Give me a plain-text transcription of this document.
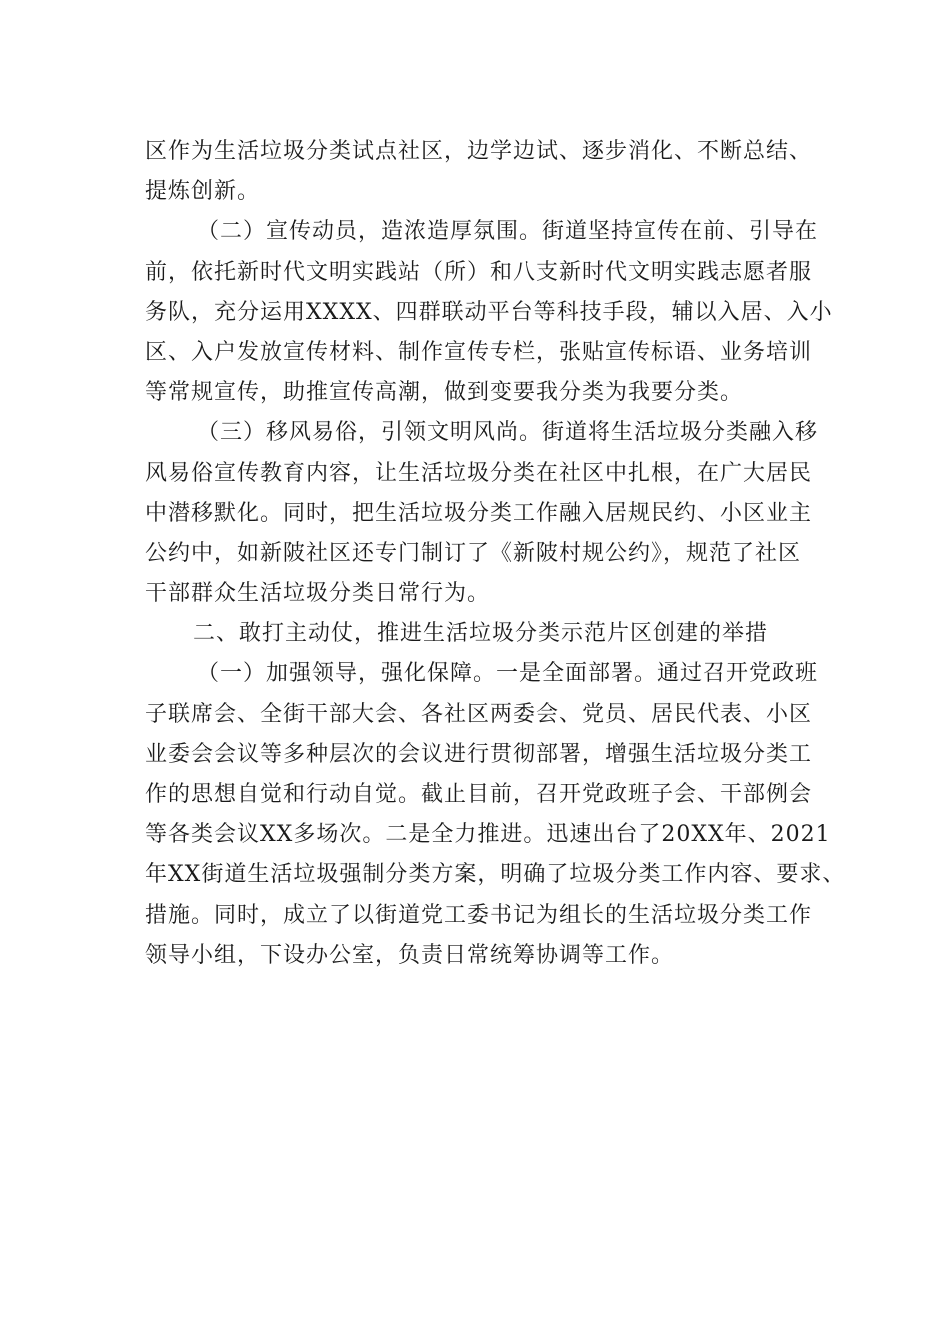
区作为生活垃圾分类试点社区，边学边试、逐步消化、不断总结、
提炼创新。
（二）宣传动员，造浓造厚氛围。街道坚持宣传在前、引导在
前，依托新时代文明实践站（所）和八支新时代文明实践志愿者服
务队，充分运用XXXX、四群联动平台等科技手段，辅以入居、入小
区、入户发放宣传材料、制作宣传专栏，张贴宣传标语、业务培训
等常规宣传，助推宣传高潮，做到变要我分类为我要分类。
（三）移风易俗，引领文明风尚。街道将生活垃圾分类融入移
风易俗宣传教育内容，让生活垃圾分类在社区中扎根，在广大居民
中潜移默化。同时，把生活垃圾分类工作融入居规民约、小区业主
公约中，如新陂社区还专门制订了《新陂村规公约》，规范了社区
干部群众生活垃圾分类日常行为。
二、敢打主动仗，推进生活垃圾分类示范片区创建的举措
（一）加强领导，强化保障。一是全面部署。通过召开党政班
子联席会、全街干部大会、各社区两委会、党员、居民代表、小区
业委会会议等多种层次的会议进行贯彻部署，增强生活垃圾分类工
作的思想自觉和行动自觉。截止目前，召开党政班子会、干部例会
等各类会议XX多场次。二是全力推进。迅速出台了20XX年、2021
年XX街道生活垃圾强制分类方案，明确了垃圾分类工作内容、要求、
措施。同时，成立了以街道党工委书记为组长的生活垃圾分类工作
领导小组，下设办公室，负责日常统筹协调等工作。
